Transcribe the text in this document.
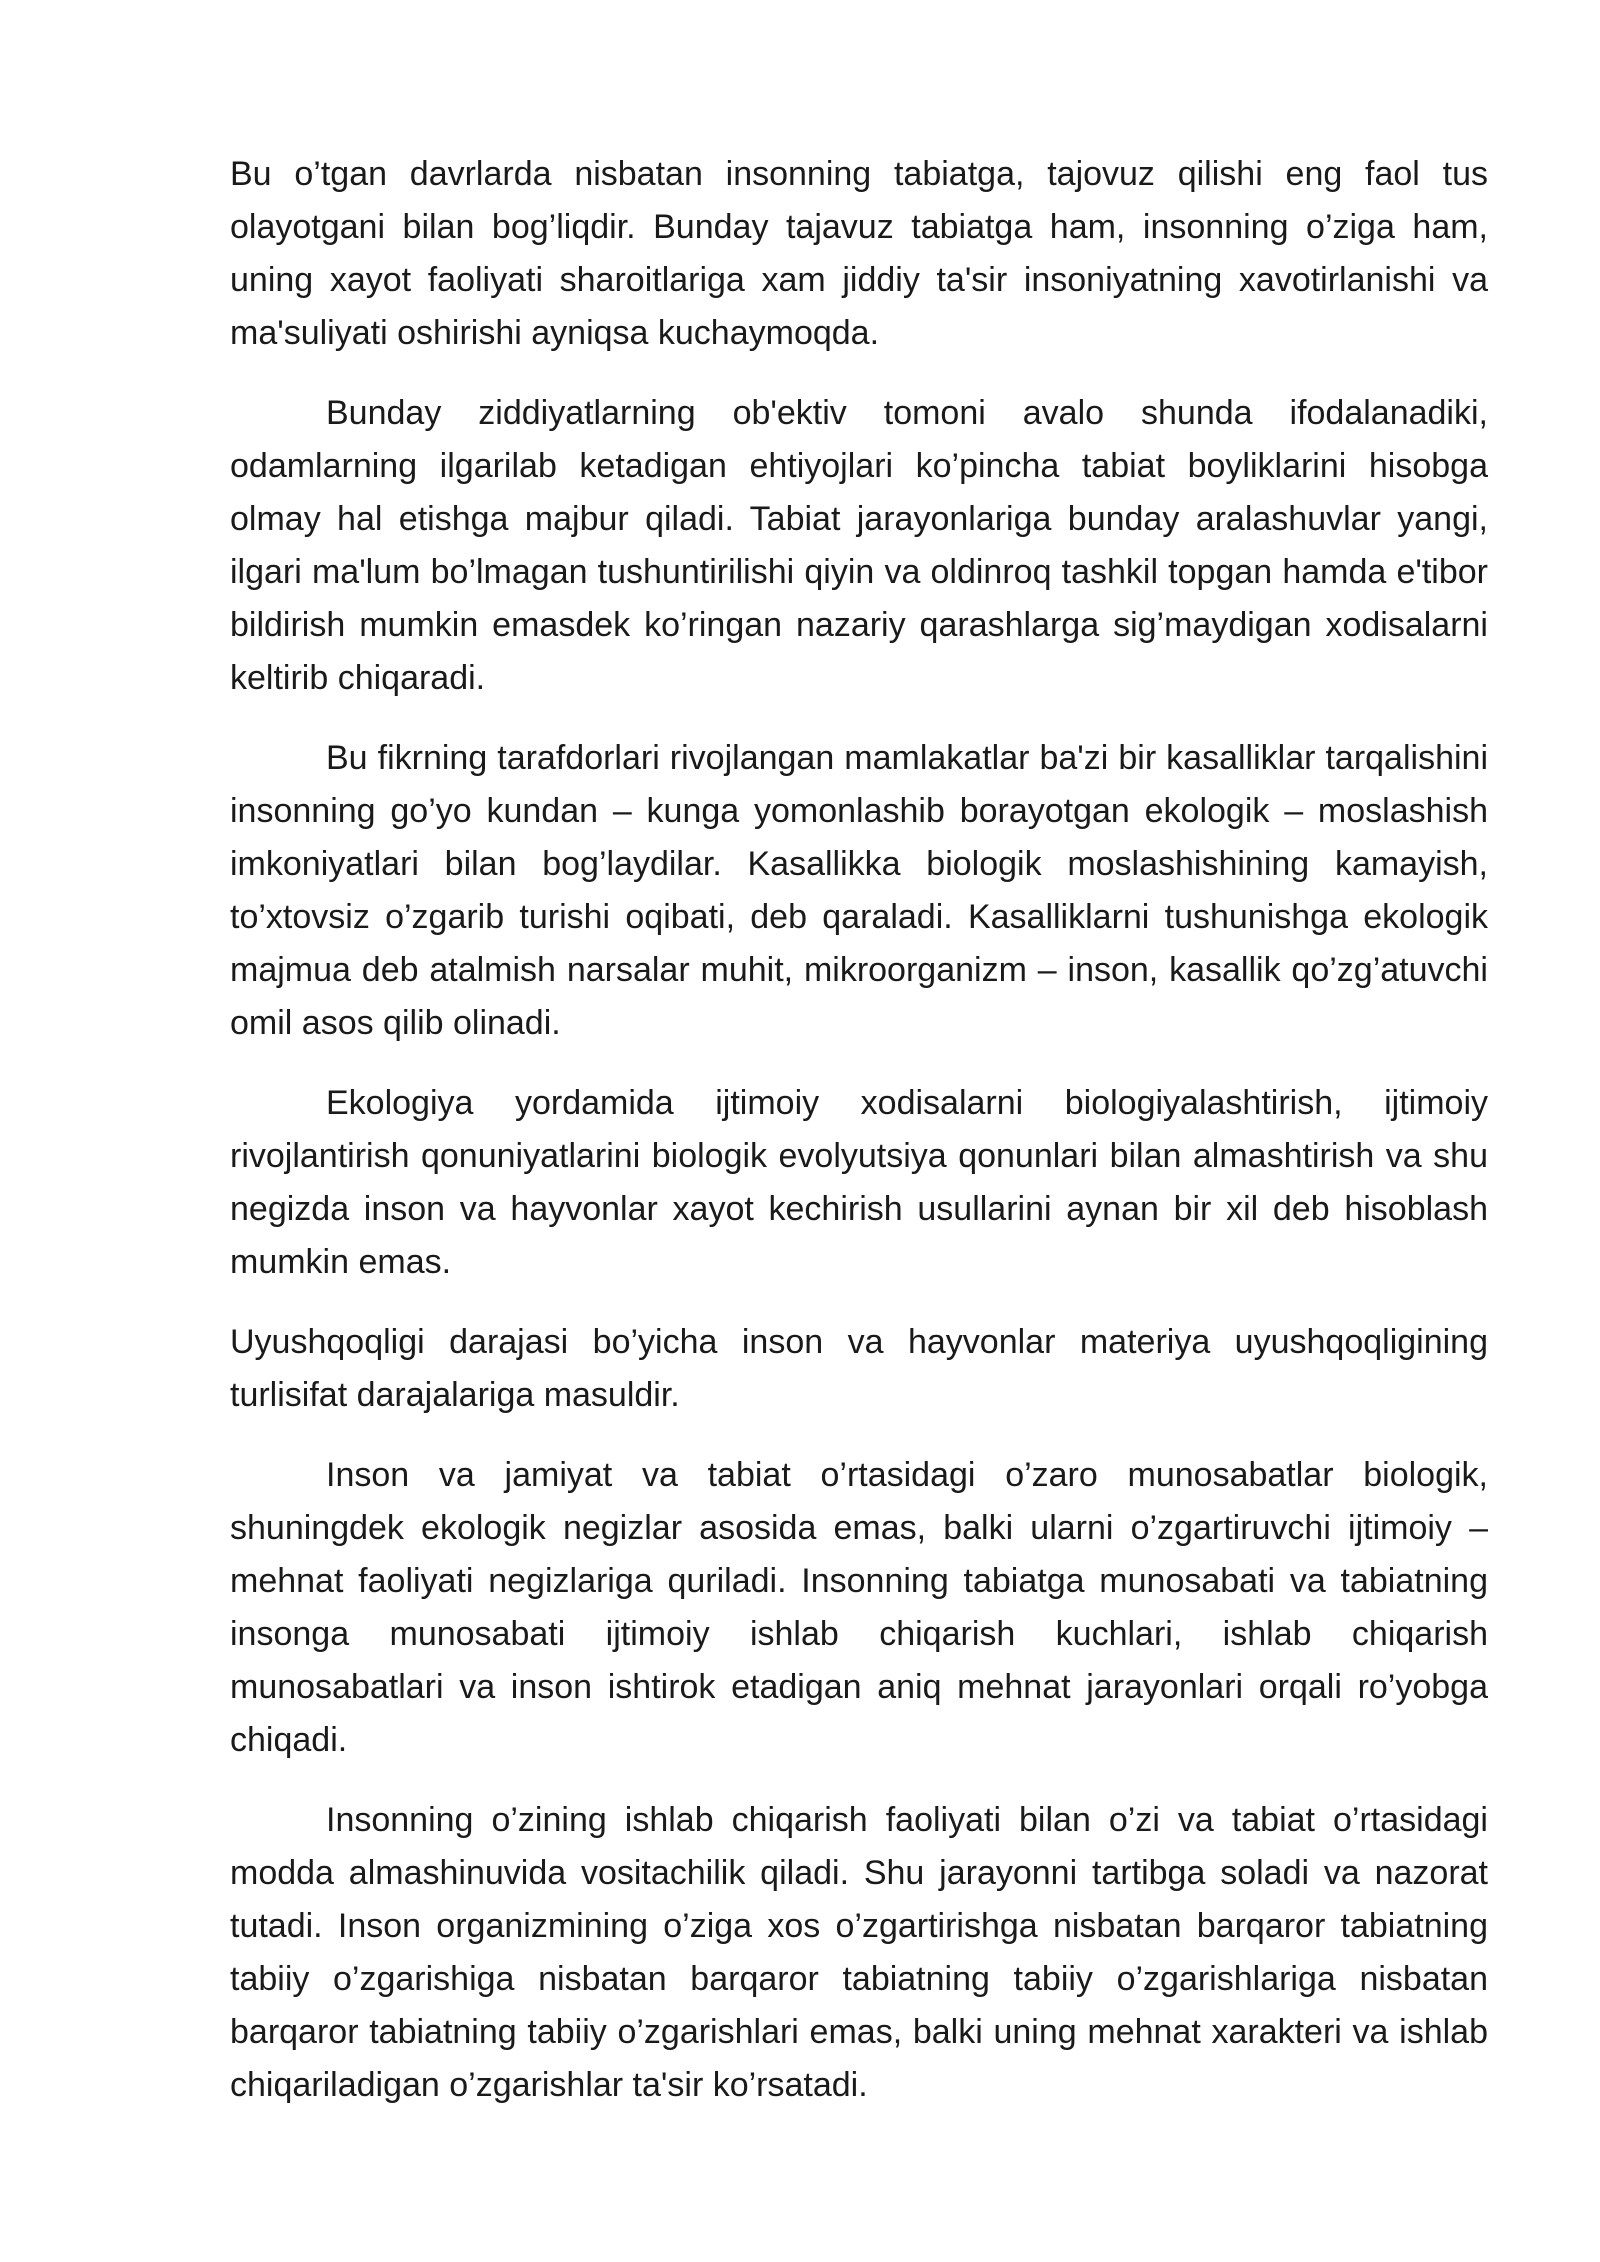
Bu o’tgan davrlarda nisbatan insonning tabiatga, tajovuz qilishi eng faol tus olayotgani bilan bog’liqdir. Bunday tajavuz tabiatga ham, insonning o’ziga ham, uning xayot faoliyati sharoitlariga xam jiddiy ta'sir insoniyatning xavotirlanishi va ma'suliyati oshirishi ayniqsa kuchaymoqda.

Bunday ziddiyatlarning ob'ektiv tomoni avalo shunda ifodalanadiki, odamlarning ilgarilab ketadigan ehtiyojlari ko’pincha tabiat boyliklarini hisobga olmay hal etishga majbur qiladi. Tabiat jarayonlariga bunday aralashuvlar yangi, ilgari ma'lum bo’lmagan tushuntirilishi qiyin va oldinroq tashkil topgan hamda e'tibor bildirish mumkin emasdek ko’ringan nazariy qarashlarga sig’maydigan xodisalarni keltirib chiqaradi.

Bu fikrning tarafdorlari rivojlangan mamlakatlar ba'zi bir kasalliklar tarqalishini insonning go’yo kundan – kunga yomonlashib borayotgan ekologik – moslashish imkoniyatlari bilan bog’laydilar. Kasallikka biologik moslashishining kamayish, to’xtovsiz o’zgarib turishi oqibati, deb qaraladi. Kasalliklarni tushunishga ekologik majmua deb atalmish narsalar muhit, mikroorganizm – inson, kasallik qo’zg’atuvchi omil asos qilib olinadi.

Ekologiya yordamida ijtimoiy xodisalarni biologiyalashtirish, ijtimoiy rivojlantirish qonuniyatlarini biologik evolyutsiya qonunlari bilan almashtirish va shu negizda inson va hayvonlar xayot kechirish usullarini aynan bir xil deb hisoblash mumkin emas.

Uyushqoqligi darajasi bo’yicha inson va hayvonlar materiya uyushqoqligining turlisifat darajalariga masuldir.

Inson va jamiyat va tabiat o’rtasidagi o’zaro munosabatlar biologik, shuningdek ekologik negizlar asosida emas, balki ularni o’zgartiruvchi ijtimoiy – mehnat faoliyati negizlariga quriladi. Insonning tabiatga munosabati va tabiatning insonga munosabati ijtimoiy ishlab chiqarish kuchlari, ishlab chiqarish munosabatlari va inson ishtirok etadigan aniq mehnat jarayonlari orqali ro’yobga chiqadi.

Insonning o’zining ishlab chiqarish faoliyati bilan o’zi va tabiat o’rtasidagi modda almashinuvida vositachilik qiladi. Shu jarayonni tartibga soladi va nazorat tutadi. Inson organizmining o’ziga xos o’zgartirishga nisbatan barqaror tabiatning tabiiy o’zgarishiga nisbatan barqaror tabiatning tabiiy o’zgarishlariga nisbatan barqaror tabiatning tabiiy o’zgarishlari emas, balki uning mehnat xarakteri va ishlab chiqariladigan o’zgarishlar ta'sir ko’rsatadi.
